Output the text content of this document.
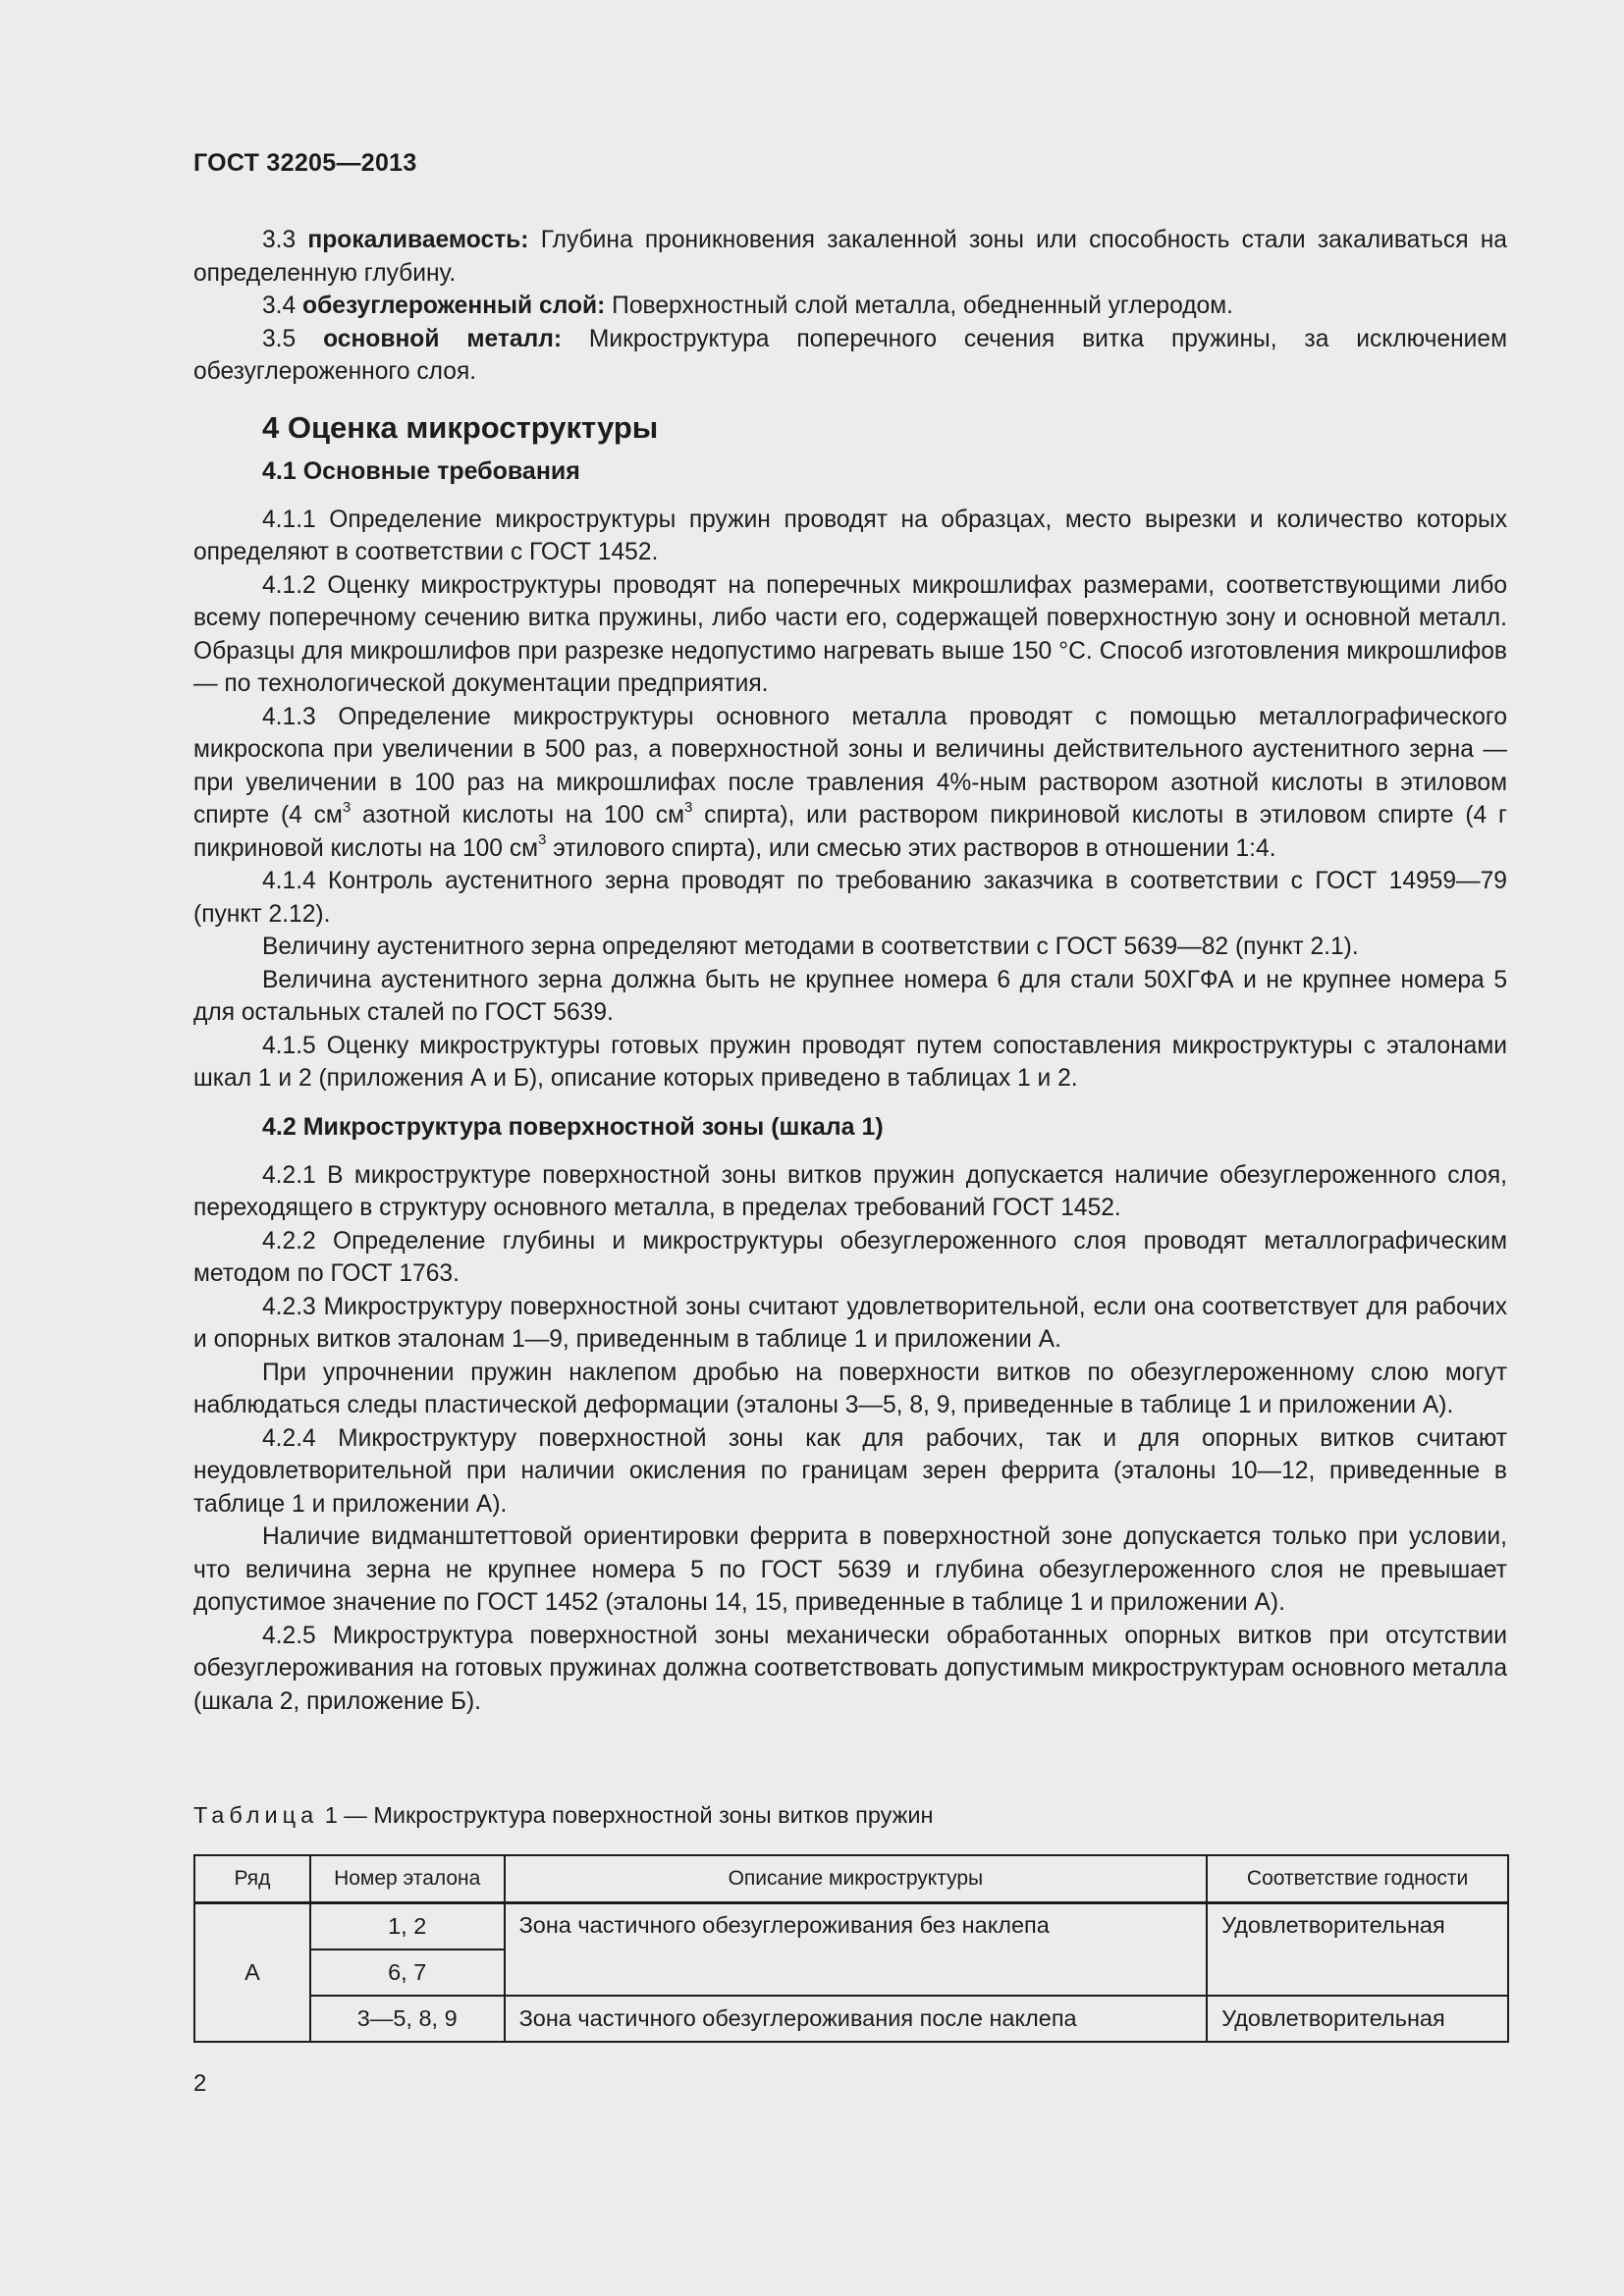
ГОСТ 32205—2013

3.3 прокаливаемость: Глубина проникновения закаленной зоны или способность стали закаливаться на определенную глубину.

3.4 обезуглероженный слой: Поверхностный слой металла, обедненный углеродом.

3.5 основной металл: Микроструктура поперечного сечения витка пружины, за исключением обезуглероженного слоя.

4 Оценка микроструктуры
4.1 Основные требования

4.1.1 Определение микроструктуры пружин проводят на образцах, место вырезки и количество которых определяют в соответствии с ГОСТ 1452.

4.1.2 Оценку микроструктуры проводят на поперечных микрошлифах размерами, соответствующими либо всему поперечному сечению витка пружины, либо части его, содержащей поверхностную зону и основной металл. Образцы для микрошлифов при разрезке недопустимо нагревать выше 150 °С. Способ изготовления микрошлифов — по технологической документации предприятия.

4.1.3 Определение микроструктуры основного металла проводят с помощью металлографического микроскопа при увеличении в 500 раз, а поверхностной зоны и величины действительного аустенитного зерна — при увеличении в 100 раз на микрошлифах после травления 4%-ным раствором азотной кислоты в этиловом спирте (4 $см^3$ азотной кислоты на 100 $см^3$ спирта), или раствором пикриновой кислоты в этиловом спирте (4 г пикриновой кислоты на 100 $см^3$ этилового спирта), или смесью этих растворов в отношении 1:4.

4.1.4 Контроль аустенитного зерна проводят по требованию заказчика в соответствии с ГОСТ 14959—79 (пункт 2.12).

Величину аустенитного зерна определяют методами в соответствии с ГОСТ 5639—82 (пункт 2.1).

Величина аустенитного зерна должна быть не крупнее номера 6 для стали 50ХГФА и не крупнее номера 5 для остальных сталей по ГОСТ 5639.

4.1.5 Оценку микроструктуры готовых пружин проводят путем сопоставления микроструктуры с эталонами шкал 1 и 2 (приложения А и Б), описание которых приведено в таблицах 1 и 2.

4.2 Микроструктура поверхностной зоны (шкала 1)

4.2.1 В микроструктуре поверхностной зоны витков пружин допускается наличие обезуглероженного слоя, переходящего в структуру основного металла, в пределах требований ГОСТ 1452.

4.2.2 Определение глубины и микроструктуры обезуглероженного слоя проводят металлографическим методом по ГОСТ 1763.

4.2.3 Микроструктуру поверхностной зоны считают удовлетворительной, если она соответствует для рабочих и опорных витков эталонам 1—9, приведенным в таблице 1 и приложении А.

При упрочнении пружин наклепом дробью на поверхности витков по обезуглероженному слою могут наблюдаться следы пластической деформации (эталоны 3—5, 8, 9, приведенные в таблице 1 и приложении А).

4.2.4 Микроструктуру поверхностной зоны как для рабочих, так и для опорных витков считают неудовлетворительной при наличии окисления по границам зерен феррита (эталоны 10—12, приведенные в таблице 1 и приложении А).

Наличие видманштеттовой ориентировки феррита в поверхностной зоне допускается только при условии, что величина зерна не крупнее номера 5 по ГОСТ 5639 и глубина обезуглероженного слоя не превышает допустимое значение по ГОСТ 1452 (эталоны 14, 15, приведенные в таблице 1 и приложении А).

4.2.5 Микроструктура поверхностной зоны механически обработанных опорных витков при отсутствии обезуглероживания на готовых пружинах должна соответствовать допустимым микроструктурам основного металла (шкала 2, приложение Б).

Таблица 1 — Микроструктура поверхностной зоны витков пружин
Ряд	Номер эталона	Описание микроструктуры	Соответствие годности
А	1, 2	Зона частичного обезуглероживания без наклепа	Удовлетворительная
	6, 7		
	3—5, 8, 9	Зона частичного обезуглероживания после наклепа	Удовлетворительная
2
